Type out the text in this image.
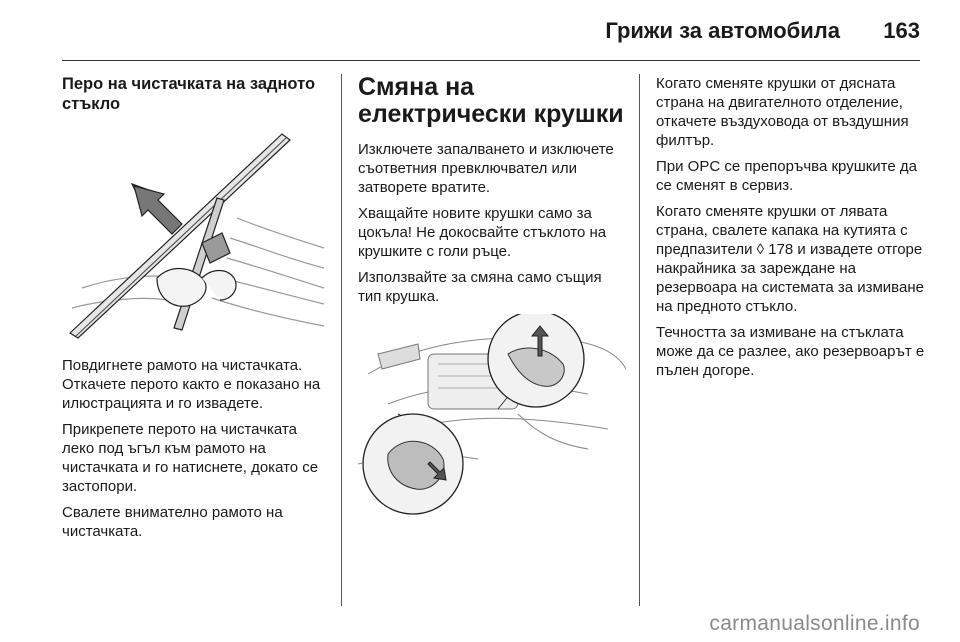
Грижи за автомобила 163
Перо на чистачката на задното стъкло

Повдигнете рамото на чистачката. Откачете перото както е показано на илюстрацията и го извадете.

Прикрепете перото на чистачката леко под ъгъл към рамото на чистачката и го натиснете, докато се застопори.

Свалете внимателно рамото на чистачката.

Смяна на електрически крушки

Изключете запалването и изключете съответния превключвател или затворете вратите.

Хващайте новите крушки само за цокъла! Не докосвайте стъклото на крушките с голи ръце.

Използвайте за смяна само същия тип крушка.

Когато сменяте крушки от дясната страна на двигателното отделение, откачете въздуховода от въздушния филтър.

При OPC се препоръчва крушките да се сменят в сервиз.

Когато сменяте крушки от лявата страна, свалете капака на кутията с предпазители ◊ 178 и извадете отгоре накрайника за зареждане на резервоара на системата за измиване на предното стъкло.

Течността за измиване на стъклата може да се разлее, ако резервоарът е пълен догоре.

carmanualsonline.info
